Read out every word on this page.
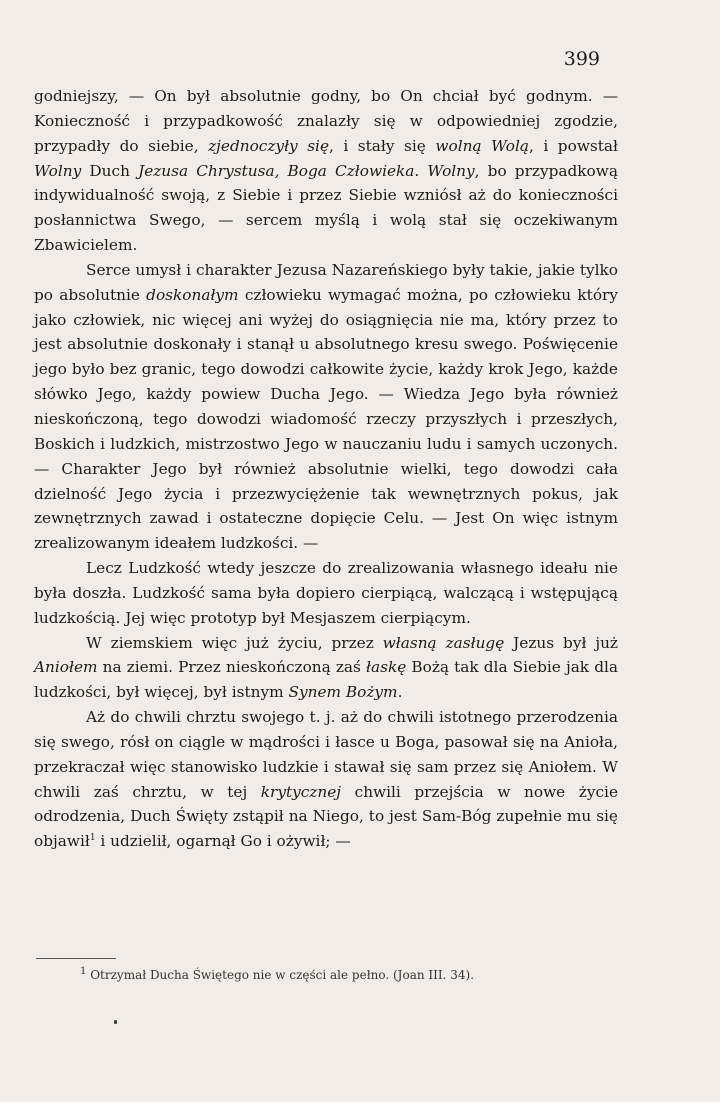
399

godniejszy, — On był absolutnie godny, bo On chciał być godnym. — Konieczność i przypadkowość znalazły się w odpowiedniej zgodzie, przypadły do siebie, zjednoczyły się, i stały się wolną Wolą, i powstał Wolny Duch Jezusa Chrystusa, Boga Człowieka. Wolny, bo przypadkową indywidualność swoją, z Siebie i przez Siebie wzniósł aż do konieczności posłannictwa Swego, — sercem myślą i wolą stał się oczekiwanym Zbawicielem.

Serce umysł i charakter Jezusa Nazareńskiego były takie, jakie tylko po absolutnie doskonałym człowieku wymagać można, po człowieku który jako człowiek, nic więcej ani wyżej do osiągnięcia nie ma, który przez to jest absolutnie doskonały i stanął u absolutnego kresu swego. Poświęcenie jego było bez granic, tego dowodzi całkowite życie, każdy krok Jego, każde słówko Jego, każdy powiew Ducha Jego. — Wiedza Jego była również nieskończoną, tego dowodzi wiadomość rzeczy przyszłych i przeszłych, Boskich i ludzkich, mistrzostwo Jego w nauczaniu ludu i samych uczonych. — Charakter Jego był również absolutnie wielki, tego dowodzi cała dzielność Jego życia i przezwyciężenie tak wewnętrznych pokus, jak zewnętrznych zawad i ostateczne dopięcie Celu. — Jest On więc istnym zrealizowanym ideałem ludzkości. —

Lecz Ludzkość wtedy jeszcze do zrealizowania własnego ideału nie była doszła. Ludzkość sama była dopiero cierpiącą, walczącą i wstępującą ludzkością. Jej więc prototyp był Mesjaszem cierpiącym.

W ziemskiem więc już życiu, przez własną zasługę Jezus był już Aniołem na ziemi. Przez nieskończoną zaś łaskę Bożą tak dla Siebie jak dla ludzkości, był więcej, był istnym Synem Bożym.

Aż do chwili chrztu swojego t. j. aż do chwili istotnego przerodzenia się swego, rósł on ciągle w mądrości i łasce u Boga, pasował się na Anioła, przekraczał więc stanowisko ludzkie i stawał się sam przez się Aniołem. W chwili zaś chrztu, w tej krytycznej chwili przejścia w nowe życie odrodzenia, Duch Święty zstąpił na Niego, to jest Sam-Bóg zupełnie mu się objawił$^1$ i udzielił, ogarnął Go i ożywił; —

$^1$ Otrzymał Ducha Świętego nie w części ale pełno. (Joan III. 34).
